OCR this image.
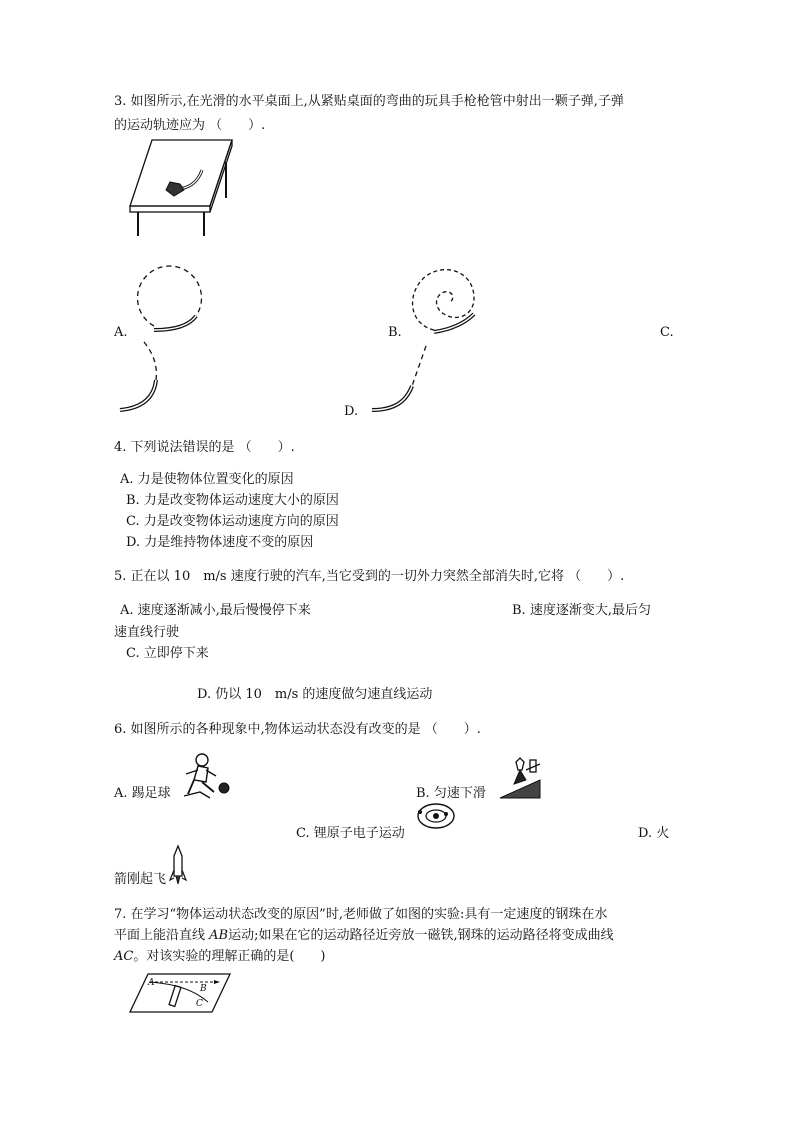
3. 如图所示,在光滑的水平桌面上,从紧贴桌面的弯曲的玩具手枪枪管中射出一颗子弹,子弹
的运动轨迹应为 （　　）.
A.	B.	C.
D.
4. 下列说法错误的是 （　　）.
A. 力是使物体位置变化的原因
B. 力是改变物体运动速度大小的原因
C. 力是改变物体运动速度方向的原因
D. 力是维持物体速度不变的原因
5. 正在以 10　m/s 速度行驶的汽车,当它受到的一切外力突然全部消失时,它将 （　　）.
A. 速度逐渐减小,最后慢慢停下来	B. 速度逐渐变大,最后匀
速直线行驶
C. 立即停下来
D. 仍以 10　m/s 的速度做匀速直线运动
6. 如图所示的各种现象中,物体运动状态没有改变的是 （　　）.
A. 踢足球	B. 匀速下滑
C. 锂原子电子运动	D. 火
箭刚起飞
7. 在学习“物体运动状态改变的原因”时,老师做了如图的实验:具有一定速度的钢珠在水
平面上能沿直线 AB运动;如果在它的运动路径近旁放一磁铁,钢珠的运动路径将变成曲线
AC。对该实验的理解正确的是(　　)
A
B
C
